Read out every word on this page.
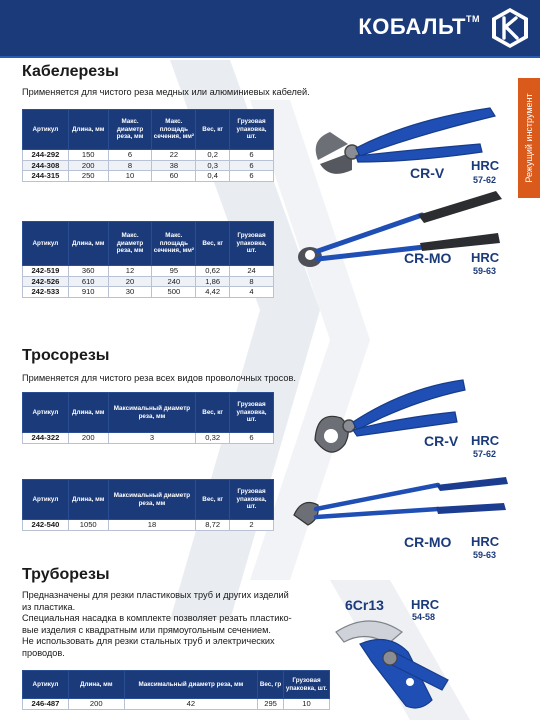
КОБАЛЬТ™
Режущий инструмент
Кабелерезы
Применяется для чистого реза медных или алюминиевых кабелей.
Артикул	Длина, мм	Макс. диаметр реза, мм	Макс. площадь сечения, мм²	Вес, кг	Грузовая упаковка, шт.
244-292	150	6	22	0,2	6
244-308	200	8	38	0,3	6
244-315	250	10	60	0,4	6
Артикул	Длина, мм	Макс. диаметр реза, мм	Макс. площадь сечения, мм²	Вес, кг	Грузовая упаковка, шт.
242-519	360	12	95	0,62	24
242-526	610	20	240	1,86	8
242-533	910	30	500	4,42	4
Тросорезы
Применяется для чистого реза всех видов проволочных тросов.
Артикул	Длина, мм	Максимальный диаметр реза, мм	Вес, кг	Грузовая упаковка, шт.
244-322	200	3	0,32	6
Артикул	Длина, мм	Максимальный диаметр реза, мм	Вес, кг	Грузовая упаковка, шт.
242-540	1050	18	8,72	2
Труборезы
Предназначены для резки пластиковых труб и других изделий
из пластика.
Специальная насадка в комплекте позволяет резать пластико-
вые изделия с квадратным или прямоугольным сечением.
Не использовать для резки стальных труб и электрических
проводов.
Артикул	Длина, мм	Максимальный диаметр реза, мм	Вес, гр	Грузовая упаковка, шт.
246-487	200	42	295	10
CR-V HRC
57-62
CR-MO HRC
59-63
CR-V HRC
57-62
CR-MO HRC
59-63
6Cr13 HRC
54-58
